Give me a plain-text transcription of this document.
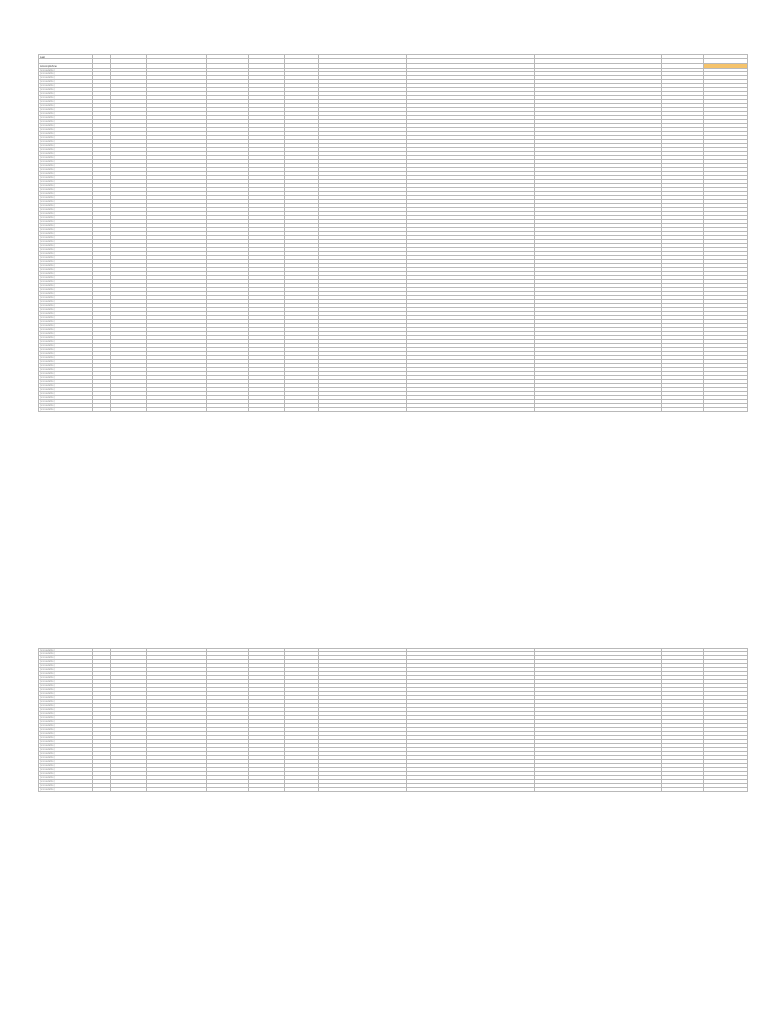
Last
Accomplishme
[unreadable]
[unreadable]
[unreadable]
[unreadable]
[unreadable]
[unreadable]
[unreadable]
[unreadable]
[unreadable]
[unreadable]
[unreadable]
[unreadable]
[unreadable]
[unreadable]
[unreadable]
[unreadable]
[unreadable]
[unreadable]
[unreadable]
[unreadable]
[unreadable]
[unreadable]
[unreadable]
[unreadable]
[unreadable]
[unreadable]
[unreadable]
[unreadable]
[unreadable]
[unreadable]
[unreadable]
[unreadable]
[unreadable]
[unreadable]
[unreadable]
[unreadable]
[unreadable]
[unreadable]
[unreadable]
[unreadable]
[unreadable]
[unreadable]
[unreadable]
[unreadable]
[unreadable]
[unreadable]
[unreadable]
[unreadable]
[unreadable]
[unreadable]
[unreadable]
[unreadable]
[unreadable]
[unreadable]
[unreadable]
[unreadable]
[unreadable]
[unreadable]
[unreadable]
[unreadable]
[unreadable]
[unreadable]
[unreadable]
[unreadable]
[unreadable]
[unreadable]
[unreadable]
[unreadable]
[unreadable]
[unreadable]
[unreadable]
[unreadable]
[unreadable]
[unreadable]
[unreadable]
[unreadable]
[unreadable]
[unreadable]
[unreadable]
[unreadable]
[unreadable]
[unreadable]
[unreadable]
[unreadable]
[unreadable]
[unreadable]
[unreadable]
[unreadable]
[unreadable]
[unreadable]
[unreadable]
[unreadable]
[unreadable]
[unreadable]
[unreadable]
[unreadable]
[unreadable]
[unreadable]
[unreadable]
[unreadable]
[unreadable]
[unreadable]
[unreadable]
[unreadable]
[unreadable]
[unreadable]
[unreadable]
[unreadable]
[unreadable]
[unreadable]
[unreadable]
[unreadable]
[unreadable]
[unreadable]
[unreadable]
[unreadable]
[unreadable]
[unreadable]
[unreadable]
[unreadable]
[unreadable]
[unreadable]
